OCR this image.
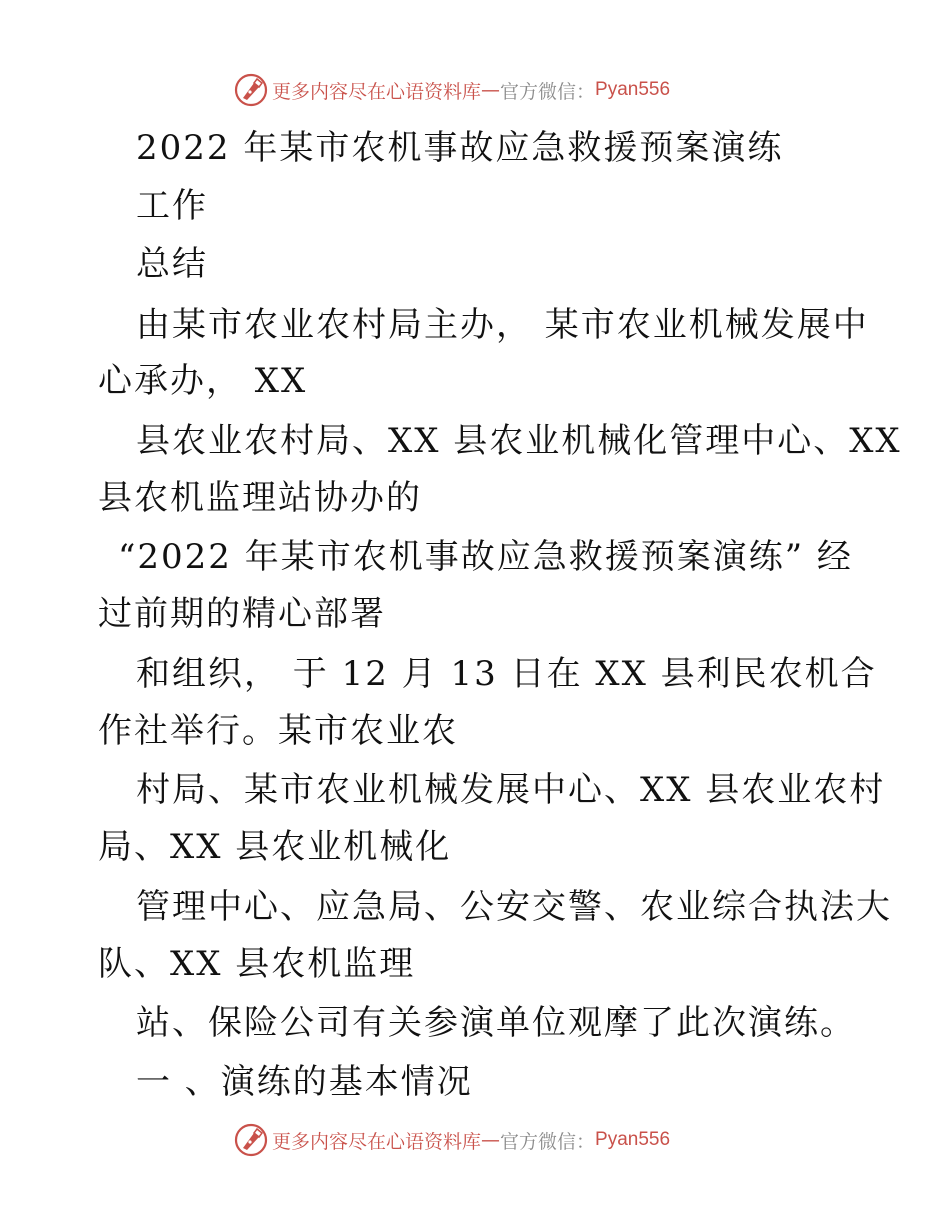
更多内容尽在心语资料库 — 官方微信： Pyan556
2022 年某市农机事故应急救援预案演练
工作
总结
由某市农业农村局主办， 某市农业机械发展中
心承办， XX
县农业农村局、XX 县农业机械化管理中心、XX
县农机监理站协办的
“2022 年某市农机事故应急救援预案演练” 经
过前期的精心部署
和组织， 于 12 月 13 日在 XX 县利民农机合
作社举行。某市农业农
村局、某市农业机械发展中心、XX 县农业农村
局、XX 县农业机械化
管理中心、应急局、公安交警、农业综合执法大
队、XX 县农机监理
站、保险公司有关参演单位观摩了此次演练。
一 、演练的基本情况
更多内容尽在心语资料库 — 官方微信： Pyan556
